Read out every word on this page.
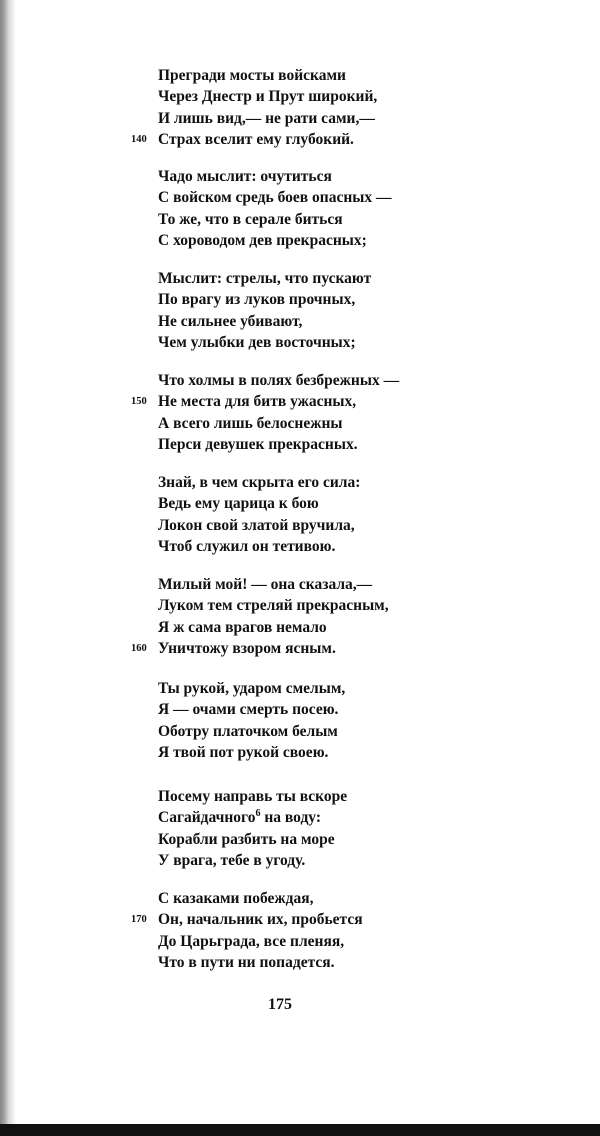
Прегради мосты войсками
Через Днестр и Прут широкий,
И лишь вид,— не рати сами,—
Страх вселит ему глубокий.
140
Чадо мыслит: очутиться
С войском средь боев опасных —
То же, что в серале биться
С хороводом дев прекрасных;
Мыслит: стрелы, что пускают
По врагу из луков прочных,
Не сильнее убивают,
Чем улыбки дев восточных;
Что холмы в полях безбрежных —
Не места для битв ужасных,
150
А всего лишь белоснежны
Перси девушек прекрасных.
Знай, в чем скрыта его сила:
Ведь ему царица к бою
Локон свой златой вручила,
Чтоб служил он тетивою.
Милый мой! — она сказала,—
Луком тем стреляй прекрасным,
Я ж сама врагов немало
Уничтожу взором ясным.
160
Ты рукой, ударом смелым,
Я — очами смерть посею.
Оботру платочком белым
Я твой пот рукой своею.
Посему направь ты вскоре
Сагайдачного$^6$ на воду:
Корабли разбить на море
У врага, тебе в угоду.
С казаками побеждая,
Он, начальник их, пробьется
170
До Царьграда, все пленяя,
Что в пути ни попадется.
175
